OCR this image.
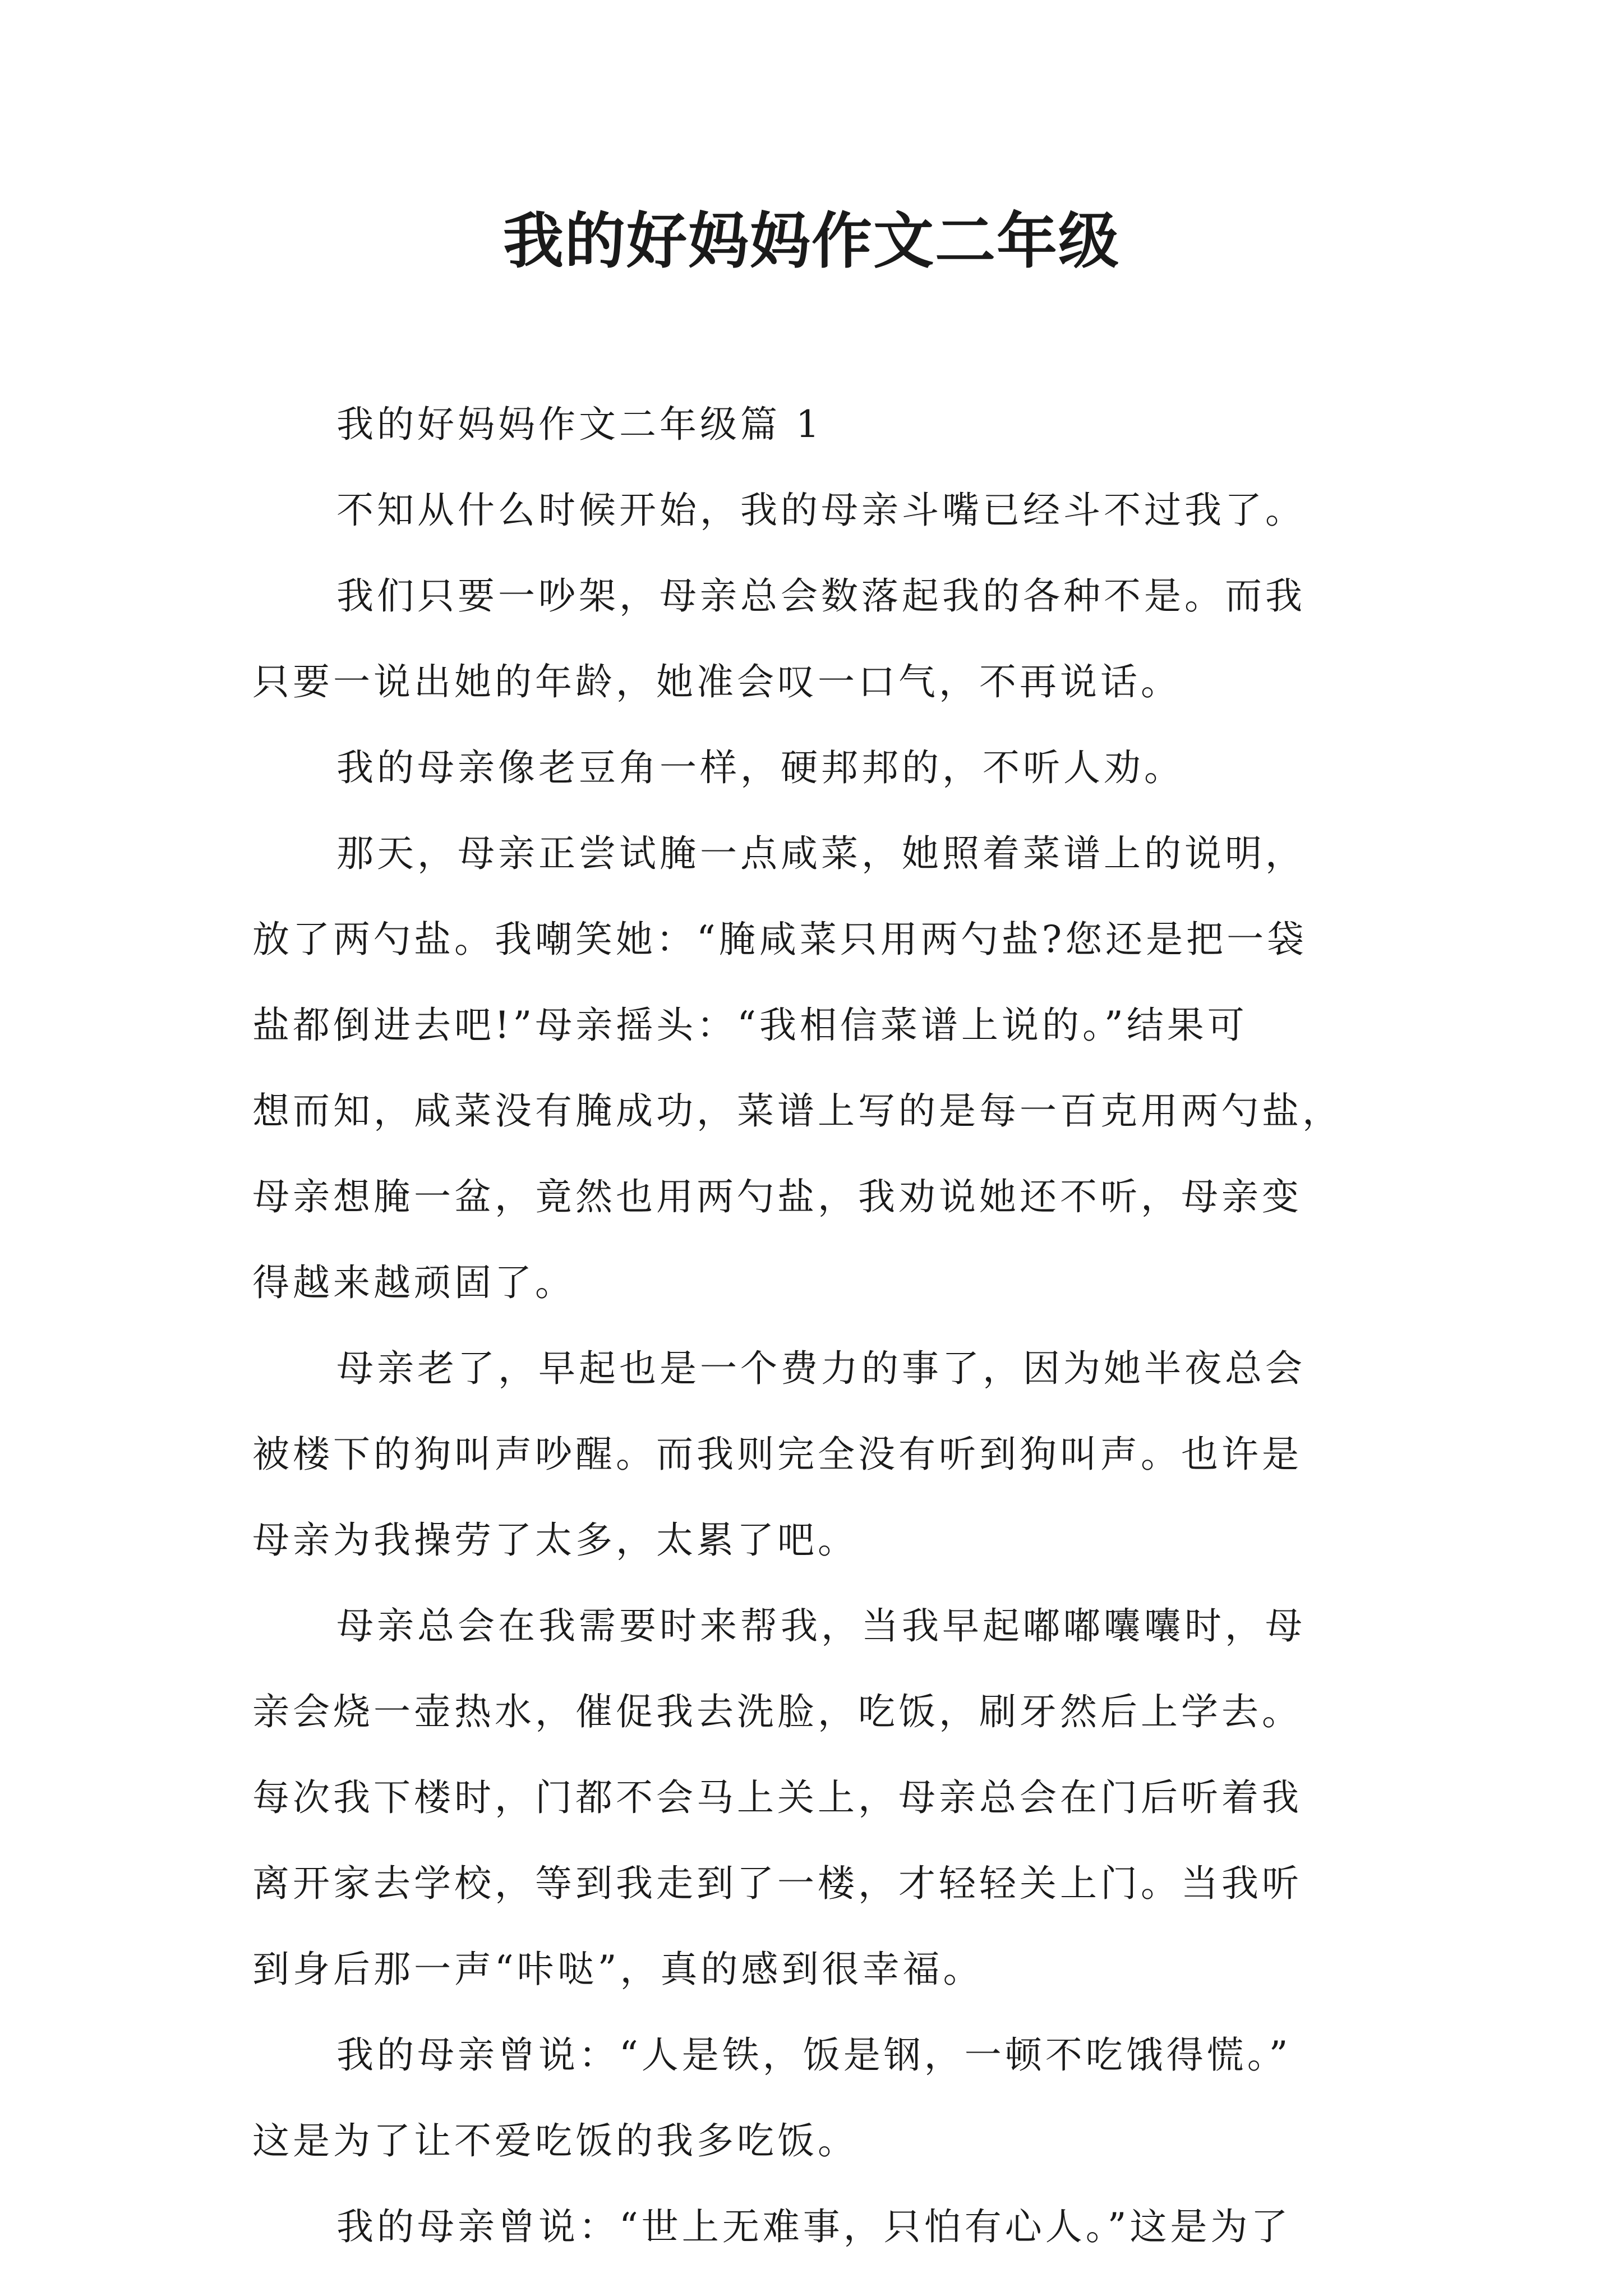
我的好妈妈作文二年级
我的好妈妈作文二年级篇 1
不知从什么时候开始，我的母亲斗嘴已经斗不过我了。
我们只要一吵架，母亲总会数落起我的各种不是。而我
只要一说出她的年龄，她准会叹一口气，不再说话。
我的母亲像老豆角一样，硬邦邦的，不听人劝。
那天，母亲正尝试腌一点咸菜，她照着菜谱上的说明，
放了两勺盐。我嘲笑她：“腌咸菜只用两勺盐?您还是把一袋
盐都倒进去吧!”母亲摇头：“我相信菜谱上说的。”结果可
想而知，咸菜没有腌成功，菜谱上写的是每一百克用两勺盐，
母亲想腌一盆，竟然也用两勺盐，我劝说她还不听，母亲变
得越来越顽固了。
母亲老了，早起也是一个费力的事了，因为她半夜总会
被楼下的狗叫声吵醒。而我则完全没有听到狗叫声。也许是
母亲为我操劳了太多，太累了吧。
母亲总会在我需要时来帮我，当我早起嘟嘟囔囔时，母
亲会烧一壶热水，催促我去洗脸，吃饭，刷牙然后上学去。
每次我下楼时，门都不会马上关上，母亲总会在门后听着我
离开家去学校，等到我走到了一楼，才轻轻关上门。当我听
到身后那一声“咔哒”，真的感到很幸福。
我的母亲曾说：“人是铁，饭是钢，一顿不吃饿得慌。”
这是为了让不爱吃饭的我多吃饭。
我的母亲曾说：“世上无难事，只怕有心人。”这是为了
